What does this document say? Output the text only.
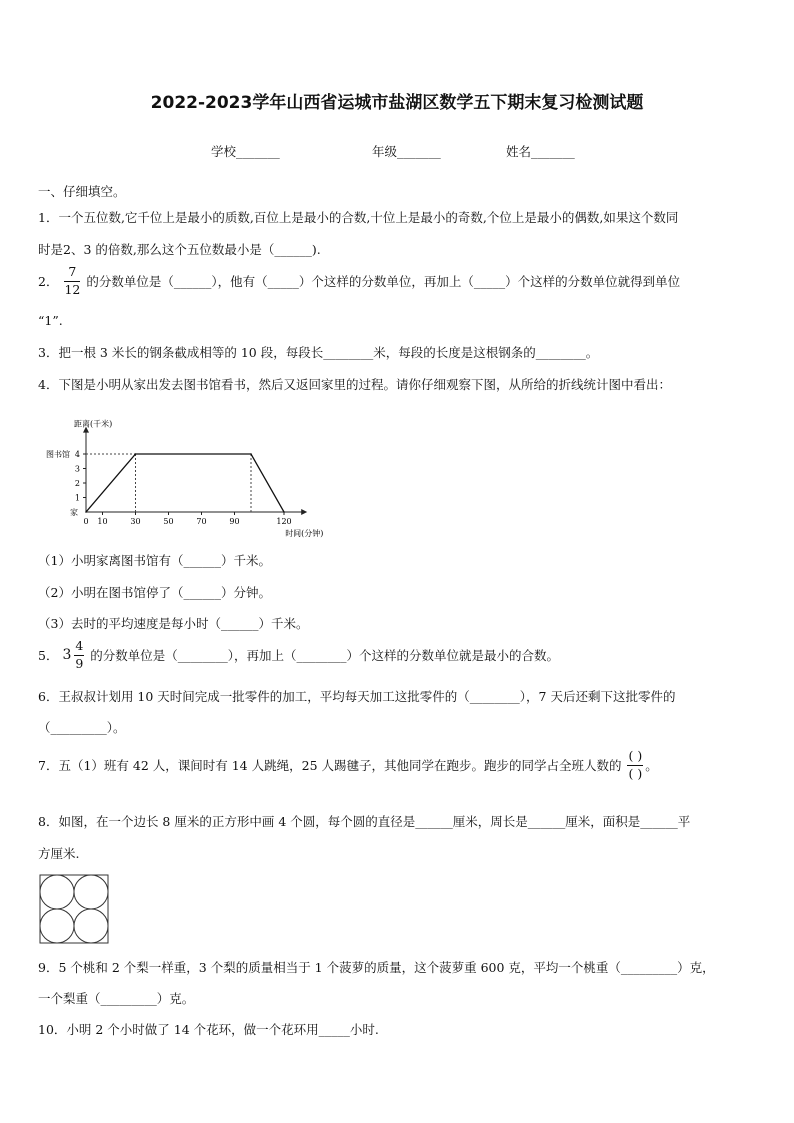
2022-2023学年山西省运城市盐湖区数学五下期末复习检测试题
学校_______	年级_______	姓名_______
一、仔细填空。
1．一个五位数,它千位上是最小的质数,百位上是最小的合数,十位上是最小的奇数,个位上是最小的偶数,如果这个数同
时是2、3 的倍数,那么这个五位数最小是（______).
2． $\frac{7}{12}$ 的分数单位是（______），他有（_____）个这样的分数单位，再加上（_____）个这样的分数单位就得到单位
“1”.
3．把一根 3 米长的钢条截成相等的 10 段，每段长________米，每段的长度是这根钢条的________。
4．下图是小明从家出发去图书馆看书，然后又返回家里的过程。请你仔细观察下图，从所给的折线统计图中看出：
1
2
3
4
家
图书馆
距离(千米)
0 10	30	50	70	90	120
时间(分钟)
（1）小明家离图书馆有（______）千米。
（2）小明在图书馆停了（______）分钟。
（3）去时的平均速度是每小时（______）千米。
5． $3 \frac{4}{9}$ 的分数单位是（________），再加上（________）个这样的分数单位就是最小的合数。
6．王叔叔计划用 10 天时间完成一批零件的加工，平均每天加工这批零件的（________），7 天后还剩下这批零件的
（_________）。
7．五（1）班有 42 人，课间时有 14 人跳绳，25 人踢毽子，其他同学在跑步。跑步的同学占全班人数的 $\frac{( )}{( )}$ 。
8．如图，在一个边长 8 厘米的正方形中画 4 个圆，每个圆的直径是______厘米，周长是______厘米，面积是______平
方厘米.
9．5 个桃和 2 个梨一样重，3 个梨的质量相当于 1 个菠萝的质量，这个菠萝重 600 克，平均一个桃重（_________）克，
一个梨重（_________）克。
10．小明 2 个小时做了 14 个花环，做一个花环用_____小时.
